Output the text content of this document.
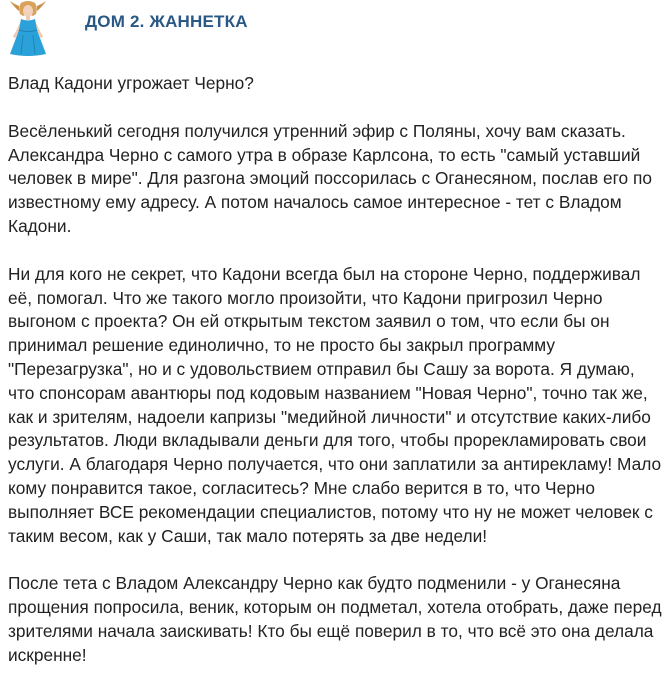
ДОМ 2. ЖАННЕТКА

Влад Кадони угрожает Черно?

Весёленький сегодня получился утренний эфир с Поляны, хочу вам сказать. Александра Черно с самого утра в образе Карлсона, то есть "самый уставший человек в мире". Для разгона эмоций поссорилась с Оганесяном, послав его по известному ему адресу. А потом началось самое интересное - тет с Владом Кадони.

Ни для кого не секрет, что Кадони всегда был на стороне Черно, поддерживал её, помогал. Что же такого могло произойти, что Кадони пригрозил Черно выгоном с проекта? Он ей открытым текстом заявил о том, что если бы он принимал решение единолично, то не просто бы закрыл программу "Перезагрузка", но и с удовольствием отправил бы Сашу за ворота. Я думаю, что спонсорам авантюры под кодовым названием "Новая Черно", точно так же, как и зрителям, надоели капризы "медийной личности" и отсутствие каких-либо результатов. Люди вкладывали деньги для того, чтобы прорекламировать свои услуги. А благодаря Черно получается, что они заплатили за антирекламу! Мало кому понравится такое, согласитесь? Мне слабо верится в то, что Черно выполняет ВСЕ рекомендации специалистов, потому что ну не может человек с таким весом, как у Саши, так мало потерять за две недели!

После тета с Владом Александру Черно как будто подменили - у Оганесяна прощения попросила, веник, которым он подметал, хотела отобрать, даже перед зрителями начала заискивать! Кто бы ещё поверил в то, что всё это она делала искренне!
